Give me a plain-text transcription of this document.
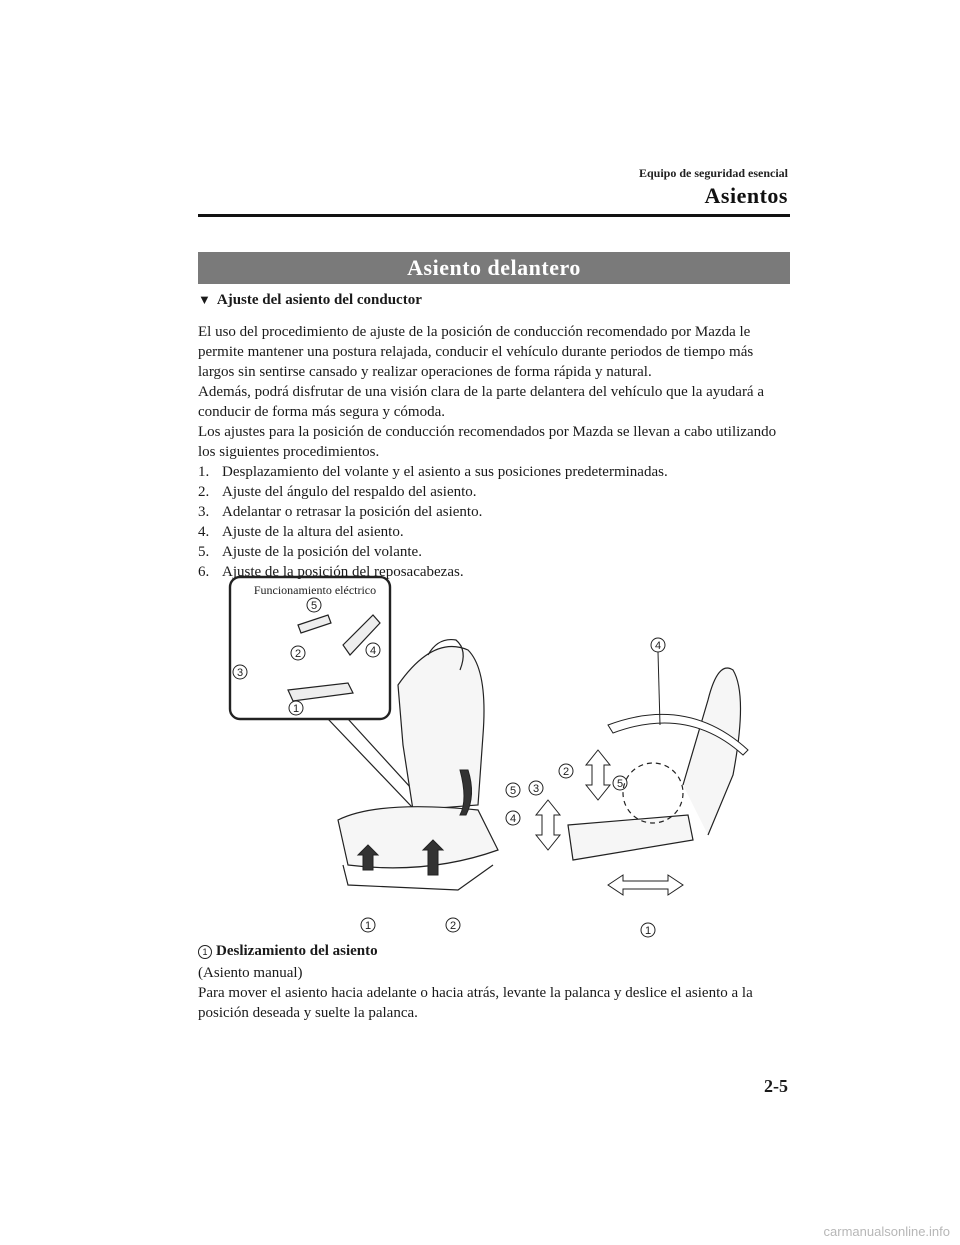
Equipo de seguridad esencial
Asientos
Asiento delantero
▼ Ajuste del asiento del conductor

El uso del procedimiento de ajuste de la posición de conducción recomendado por Mazda le permite mantener una postura relajada, conducir el vehículo durante periodos de tiempo más largos sin sentirse cansado y realizar operaciones de forma rápida y natural.

Además, podrá disfrutar de una visión clara de la parte delantera del vehículo que la ayudará a conducir de forma más segura y cómoda.

Los ajustes para la posición de conducción recomendados por Mazda se llevan a cabo utilizando los siguientes procedimientos.

1. Desplazamiento del volante y el asiento a sus posiciones predeterminadas.
2. Ajuste del ángulo del respaldo del asiento.
3. Adelantar o retrasar la posición del asiento.
4. Ajuste de la altura del asiento.
5. Ajuste de la posición del volante.
6. Ajuste de la posición del reposacabezas.
5
2	4
3
1
5
4
1	2
4
2
5
3
1
Funcionamiento eléctrico
1 Deslizamiento del asiento

(Asiento manual)

Para mover el asiento hacia adelante o hacia atrás, levante la palanca y deslice el asiento a la posición deseada y suelte la palanca.

2-5
carmanualsonline.info
